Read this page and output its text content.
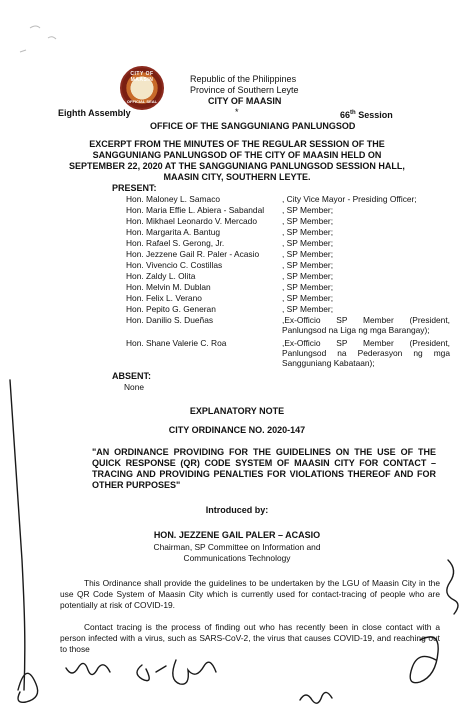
CITY OF MAASIN
OFFICIAL SEAL
Republic of the Philippines
Province of Southern Leyte
CITY OF MAASIN
Eighth Assembly	*	66th Session
OFFICE OF THE SANGGUNIANG PANLUNGSOD
EXCERPT FROM THE MINUTES OF THE REGULAR SESSION OF THE SANGGUNIANG PANLUNGSOD OF THE CITY OF MAASIN HELD ON SEPTEMBER 22, 2020 AT THE SANGGUNIANG PANLUNGSOD SESSION HALL, MAASIN CITY, SOUTHERN LEYTE.
PRESENT:
Hon. Maloney L. Samaco	, City Vice Mayor - Presiding Officer;
Hon. Maria Effie L. Abiera - Sabandal , SP Member;
Hon. Mikhael Leonardo V. Mercado	, SP Member;
Hon. Margarita A. Bantug	, SP Member;
Hon. Rafael S. Gerong, Jr.	, SP Member;
Hon. Jezzene Gail R. Paler - Acasio	, SP Member;
Hon. Vivencio C. Costillas	, SP Member;
Hon. Zaldy L. Olita	, SP Member;
Hon. Melvin M. Dublan	, SP Member;
Hon. Felix L. Verano	, SP Member;
Hon. Pepito G. Generan	, SP Member;
Hon. Danilio S. Dueñas	,Ex-Officio SP Member (President, Panlungsod na Liga ng mga Barangay);
Hon. Shane Valerie C. Roa	,Ex-Officio SP Member (President, Panlungsod na Pederasyon ng mga Sangguniang Kabataan);
ABSENT:
None
EXPLANATORY NOTE
CITY ORDINANCE NO. 2020-147
"AN ORDINANCE PROVIDING FOR THE GUIDELINES ON THE USE OF THE QUICK RESPONSE (QR) CODE SYSTEM OF MAASIN CITY FOR CONTACT – TRACING AND PROVIDING PENALTIES FOR VIOLATIONS THEREOF AND FOR OTHER PURPOSES"
Introduced by:
HON. JEZZENE GAIL PALER – ACASIO
Chairman, SP Committee on Information and
Communications Technology
This Ordinance shall provide the guidelines to be undertaken by the LGU of Maasin City in the use QR Code System of Maasin City which is currently used for contact-tracing of people who are potentially at risk of COVID-19.
Contact tracing is the process of finding out who has recently been in close contact with a person infected with a virus, such as SARS-CoV-2, the virus that causes COVID-19, and reaching out to those
